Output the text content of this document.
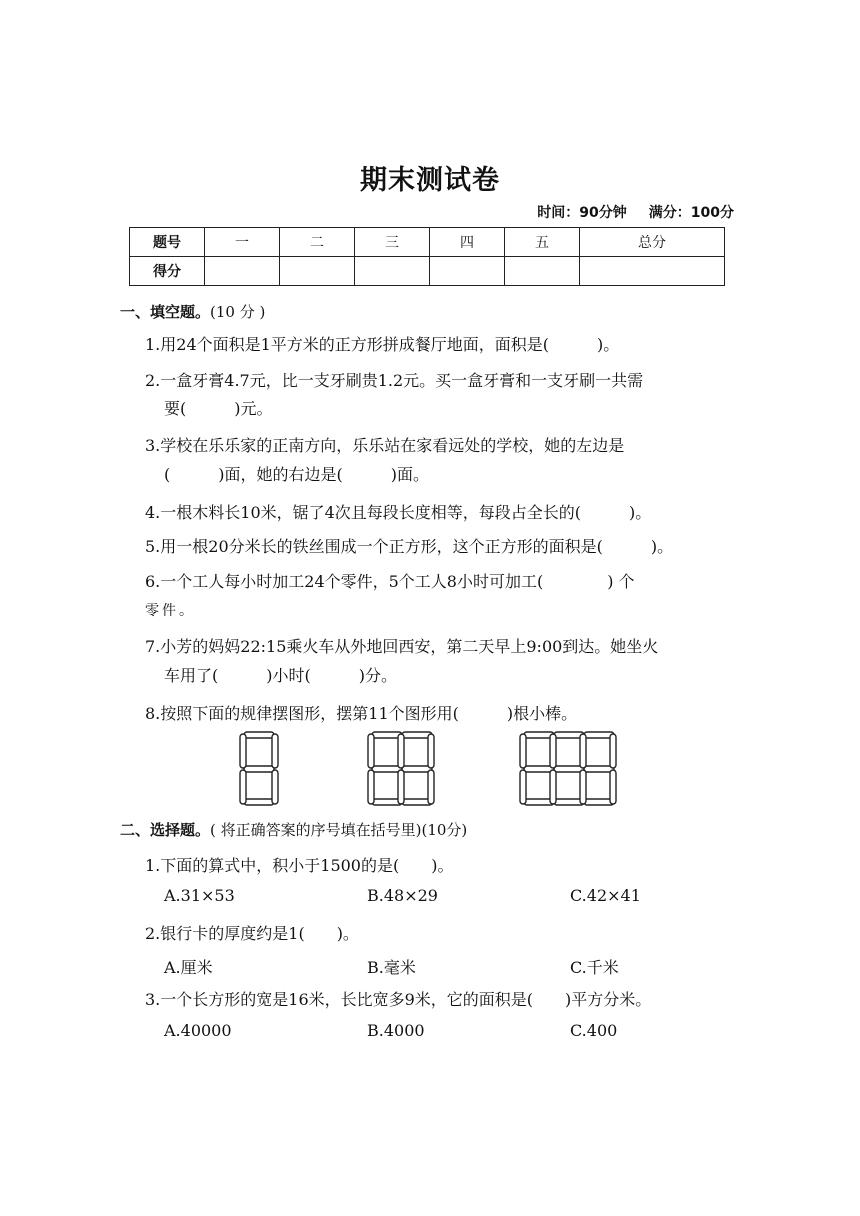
期末测试卷
时间：90分钟 满分：100分
题号	一	二	三	四	五	总分
得分						
一、填空题。(10 分 )
1.用24个面积是1平方米的正方形拼成餐厅地面，面积是(　　　)。
2.一盒牙膏4.7元，比一支牙刷贵1.2元。买一盒牙膏和一支牙刷一共需
要(　　　)元。
3.学校在乐乐家的正南方向，乐乐站在家看远处的学校，她的左边是
(　　　)面，她的右边是(　　　)面。
4.一根木料长10米，锯了4次且每段长度相等，每段占全长的(　　　)。
5.用一根20分米长的铁丝围成一个正方形，这个正方形的面积是(　　　)。
6.一个工人每小时加工24个零件，5个工人8小时可加工(　　　　) 个
零件。
7.小芳的妈妈22:15乘火车从外地回西安，第二天早上9:00到达。她坐火
车用了(　　　)小时(　　　)分。
8.按照下面的规律摆图形，摆第11个图形用(　　　)根小棒。
二、选择题。( 将正确答案的序号填在括号里)(10分)
1.下面的算式中，积小于1500的是(　　)。
A.31×53	B.48×29	C.42×41
2.银行卡的厚度约是1(　　)。
A.厘米	B.毫米	C.千米
3.一个长方形的宽是16米，长比宽多9米，它的面积是(　　)平方分米。
A.40000	B.4000	C.400
